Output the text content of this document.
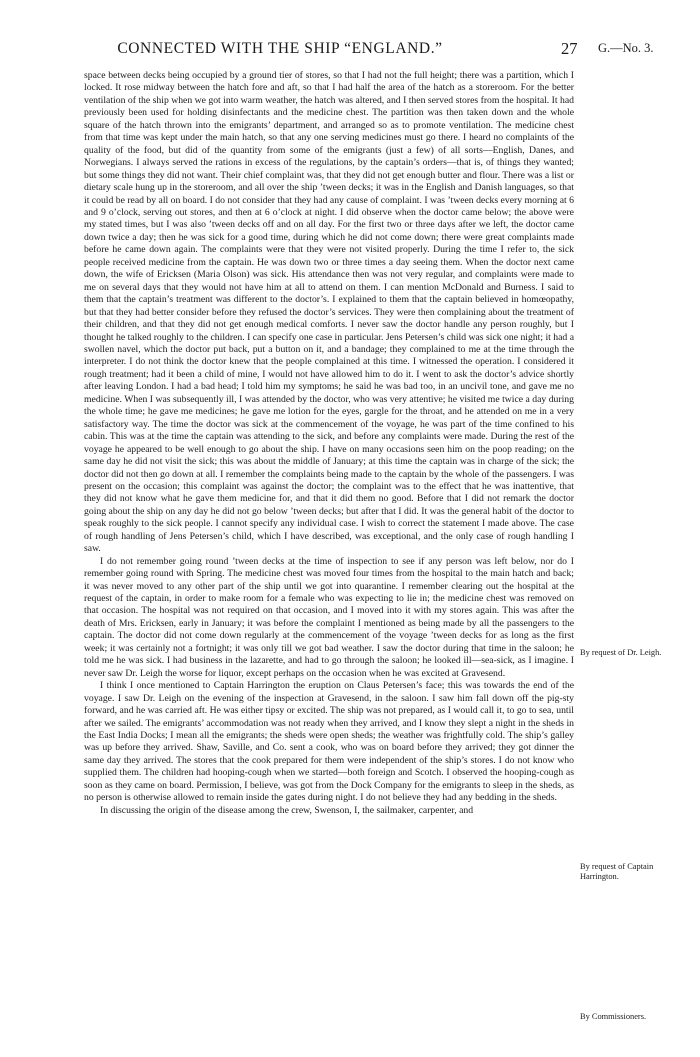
CONNECTED WITH THE SHIP “ENGLAND.”	27 G.—No. 3.

space between decks being occupied by a ground tier of stores, so that I had not the full height; there was a partition, which I locked. It rose midway between the hatch fore and aft, so that I had half the area of the hatch as a storeroom. For the better ventilation of the ship when we got into warm weather, the hatch was altered, and I then served stores from the hospital. It had previously been used for holding disinfectants and the medicine chest. The partition was then taken down and the whole square of the hatch thrown into the emigrants’ department, and arranged so as to promote ventilation. The medicine chest from that time was kept under the main hatch, so that any one serving medicines must go there. I heard no complaints of the quality of the food, but did of the quantity from some of the emigrants (just a few) of all sorts—English, Danes, and Norwegians. I always served the rations in excess of the regulations, by the captain’s orders—that is, of things they wanted; but some things they did not want. Their chief complaint was, that they did not get enough butter and flour. There was a list or dietary scale hung up in the storeroom, and all over the ship ’tween decks; it was in the English and Danish languages, so that it could be read by all on board. I do not consider that they had any cause of complaint. I was ’tween decks every morning at 6 and 9 o’clock, serving out stores, and then at 6 o’clock at night. I did observe when the doctor came below; the above were my stated times, but I was also ’tween decks off and on all day. For the first two or three days after we left, the doctor came down twice a day; then he was sick for a good time, during which he did not come down; there were great complaints made before he came down again. The complaints were that they were not visited properly. During the time I refer to, the sick people received medicine from the captain. He was down two or three times a day seeing them. When the doctor next came down, the wife of Ericksen (Maria Olson) was sick. His attendance then was not very regular, and complaints were made to me on several days that they would not have him at all to attend on them. I can mention McDonald and Burness. I said to them that the captain’s treatment was different to the doctor’s. I explained to them that the captain believed in homœopathy, but that they had better consider before they refused the doctor’s services. They were then complaining about the treatment of their children, and that they did not get enough medical comforts. I never saw the doctor handle any person roughly, but I thought he talked roughly to the children. I can specify one case in particular. Jens Petersen’s child was sick one night; it had a swollen navel, which the doctor put back, put a button on it, and a bandage; they complained to me at the time through the interpreter. I do not think the doctor knew that the people complained at this time. I witnessed the operation. I considered it rough treatment; had it been a child of mine, I would not have allowed him to do it. I went to ask the doctor’s advice shortly after leaving London. I had a bad head; I told him my symptoms; he said he was bad too, in an uncivil tone, and gave me no medicine. When I was subsequently ill, I was attended by the doctor, who was very attentive; he visited me twice a day during the whole time; he gave me medicines; he gave me lotion for the eyes, gargle for the throat, and he attended on me in a very satisfactory way. The time the doctor was sick at the commencement of the voyage, he was part of the time confined to his cabin. This was at the time the captain was attending to the sick, and before any complaints were made. During the rest of the voyage he appeared to be well enough to go about the ship. I have on many occasions seen him on the poop reading; on the same day he did not visit the sick; this was about the middle of January; at this time the captain was in charge of the sick; the doctor did not then go down at all. I remember the complaints being made to the captain by the whole of the passengers. I was present on the occasion; this complaint was against the doctor; the complaint was to the effect that he was inattentive, that they did not know what he gave them medicine for, and that it did them no good. Before that I did not remark the doctor going about the ship on any day he did not go below ’tween decks; but after that I did. It was the general habit of the doctor to speak roughly to the sick people. I cannot specify any individual case. I wish to correct the statement I made above. The case of rough handling of Jens Petersen’s child, which I have described, was exceptional, and the only case of rough handling I saw.

I do not remember going round ’tween decks at the time of inspection to see if any person was left below, nor do I remember going round with Spring. The medicine chest was moved four times from the hospital to the main hatch and back; it was never moved to any other part of the ship until we got into quarantine. I remember clearing out the hospital at the request of the captain, in order to make room for a female who was expecting to lie in; the medicine chest was removed on that occasion. The hospital was not required on that occasion, and I moved into it with my stores again. This was after the death of Mrs. Ericksen, early in January; it was before the complaint I mentioned as being made by all the passengers to the captain. The doctor did not come down regularly at the commencement of the voyage ’tween decks for as long as the first week; it was certainly not a fortnight; it was only till we got bad weather. I saw the doctor during that time in the saloon; he told me he was sick. I had business in the lazarette, and had to go through the saloon; he looked ill—sea-sick, as I imagine. I never saw Dr. Leigh the worse for liquor, except perhaps on the occasion when he was excited at Gravesend.

I think I once mentioned to Captain Harrington the eruption on Claus Petersen’s face; this was towards the end of the voyage. I saw Dr. Leigh on the evening of the inspection at Gravesend, in the saloon. I saw him fall down off the pig-sty forward, and he was carried aft. He was either tipsy or excited. The ship was not prepared, as I would call it, to go to sea, until after we sailed. The emigrants’ accommodation was not ready when they arrived, and I know they slept a night in the sheds in the East India Docks; I mean all the emigrants; the sheds were open sheds; the weather was frightfully cold. The ship’s galley was up before they arrived. Shaw, Saville, and Co. sent a cook, who was on board before they arrived; they got dinner the same day they arrived. The stores that the cook prepared for them were independent of the ship’s stores. I do not know who supplied them. The children had hooping-cough when we started—both foreign and Scotch. I observed the hooping-cough as soon as they came on board. Permission, I believe, was got from the Dock Company for the emigrants to sleep in the sheds, as no person is otherwise allowed to remain inside the gates during night. I do not believe they had any bedding in the sheds.

In discussing the origin of the disease among the crew, Swenson, I, the sailmaker, carpenter, and

By request of Dr. Leigh.
By request of Captain Harrington.
By Commissioners.
